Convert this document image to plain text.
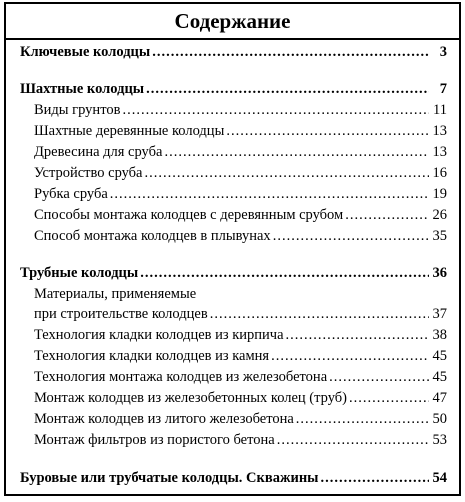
Содержание
Ключевые колодцы .....	3
Шахтные колодцы .....	7
Виды грунтов .....	11
Шахтные деревянные колодцы .....	13
Древесина для сруба .....	13
Устройство сруба .....	16
Рубка сруба .....	19
Способы монтажа колодцев с деревянным срубом .....	26
Способ монтажа колодцев в плывунах .....	35
Трубные колодцы .....	36
Материалы, применяемые
при строительстве колодцев .....	37
Технология кладки колодцев из кирпича .....	38
Технология кладки колодцев из камня .....	45
Технология монтажа колодцев из железобетона .....	45
Монтаж колодцев из железобетонных колец (труб) .....	47
Монтаж колодцев из литого железобетона .....	50
Монтаж фильтров из пористого бетона .....	53
Буровые или трубчатые колодцы. Скважины .....	54
